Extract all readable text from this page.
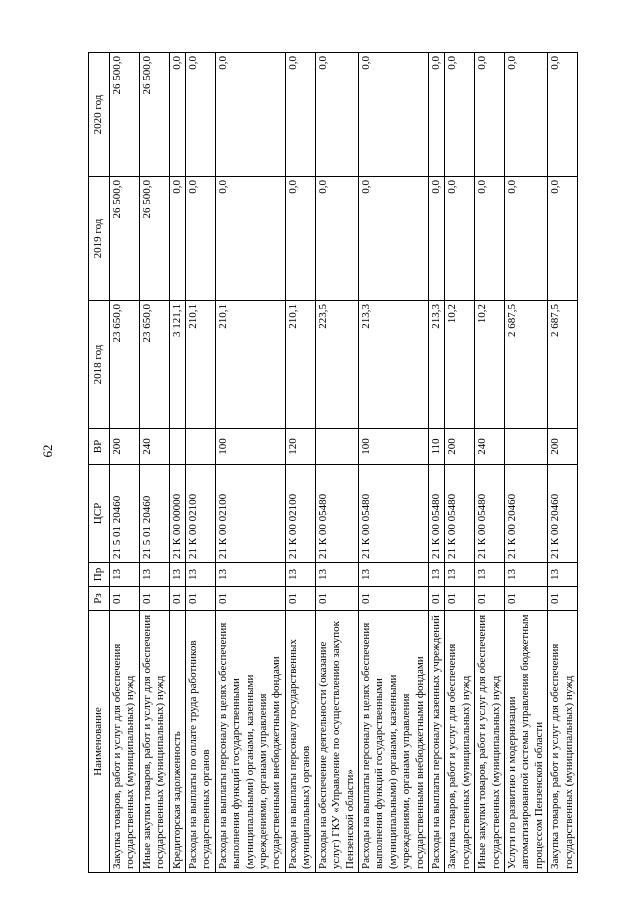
62
Наименование	Рз	Пр	ЦСР	ВР	2018 год	2019 год	2020 год
Закупка товаров, работ и услуг для обеспечения государственных (муниципальных) нужд	01	13	21 5 01 20460	200	23 650,0	26 500,0	26 500,0
Иные закупки товаров, работ и услуг для обеспечения государственных (муниципальных) нужд	01	13	21 5 01 20460	240	23 650,0	26 500,0	26 500,0
Кредиторская задолженность	01	13	21 К 00 00000		3 121,1	0,0	0,0
Расходы на выплаты по оплате труда работников государственных органов	01	13	21 К 00 02100		210,1	0,0	0,0
Расходы на выплаты персоналу в целях обеспечения выполнения функций государственными (муниципальными) органами, казенными учреждениями, органами управления государственными внебюджетными фондами	01	13	21 К 00 02100	100	210,1	0,0	0,0
Расходы на выплаты персоналу государственных (муниципальных) органов	01	13	21 К 00 02100	120	210,1	0,0	0,0
Расходы на обеспечение деятельности (оказание услуг) ГКУ «Управление по осуществлению закупок Пензенской области»	01	13	21 К 00 05480		223,5	0,0	0,0
Расходы на выплаты персоналу в целях обеспечения выполнения функций государственными (муниципальными) органами, казенными учреждениями, органами управления государственными внебюджетными фондами	01	13	21 К 00 05480	100	213,3	0,0	0,0
Расходы на выплаты персоналу казенных учреждений	01	13	21 К 00 05480	110	213,3	0,0	0,0
Закупка товаров, работ и услуг для обеспечения государственных (муниципальных) нужд	01	13	21 К 00 05480	200	10,2	0,0	0,0
Иные закупки товаров, работ и услуг для обеспечения государственных (муниципальных) нужд	01	13	21 К 00 05480	240	10,2	0,0	0,0
Услуги по развитию и модернизации автоматизированной системы управления бюджетным процессом Пензенской области	01	13	21 К 00 20460		2 687,5	0,0	0,0
Закупка товаров, работ и услуг для обеспечения государственных (муниципальных) нужд	01	13	21 К 00 20460	200	2 687,5	0,0	0,0
